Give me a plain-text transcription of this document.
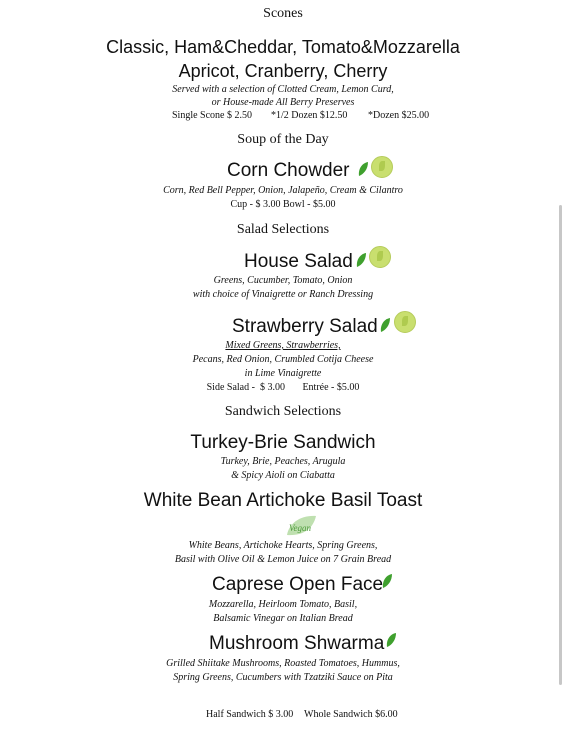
Scones
Classic, Ham&Cheddar, Tomato&Mozzarella
Apricot, Cranberry, Cherry
Served with a selection of Clotted Cream, Lemon Curd,
or House-made All Berry Preserves
Single Scone $ 2.50 *1/2 Dozen $12.50 *Dozen $25.00
Soup of the Day
Corn Chowder
Corn, Red Bell Pepper, Onion, Jalapeño, Cream & Cilantro
Cup - $ 3.00 Bowl - $5.00
Salad Selections
House Salad
Greens, Cucumber, Tomato, Onion
with choice of Vinaigrette or Ranch Dressing
Strawberry Salad
Mixed Greens, Strawberries,
Pecans, Red Onion, Crumbled Cotija Cheese
in Lime Vinaigrette
Side Salad -  $ 3.00       Entrée - $5.00
Sandwich Selections
Turkey-Brie Sandwich
Turkey, Brie, Peaches, Arugula
& Spicy Aioli on Ciabatta
White Bean Artichoke Basil Toast
Vegan
White Beans, Artichoke Hearts, Spring Greens,
Basil with Olive Oil & Lemon Juice on 7 Grain Bread
Caprese Open Face
Mozzarella, Heirloom Tomato, Basil,
Balsamic Vinegar on Italian Bread
Mushroom Shwarma
Grilled Shiitake Mushrooms, Roasted Tomatoes, Hummus,
Spring Greens, Cucumbers with Tzatziki Sauce on Pita
Half Sandwich $ 3.00 Whole Sandwich $6.00
